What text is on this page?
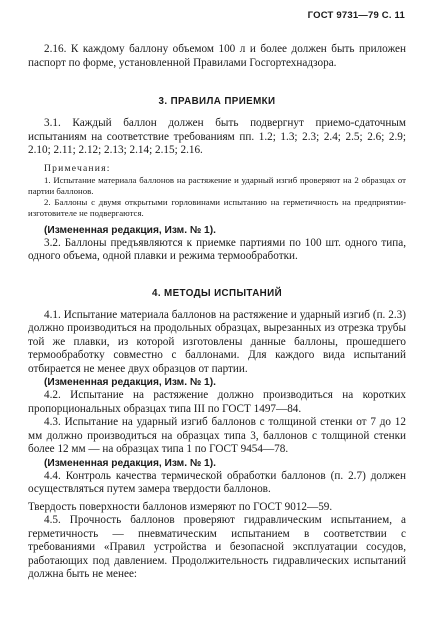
ГОСТ 9731—79 С. 11

2.16. К каждому баллону объемом 100 л и более должен быть приложен паспорт по форме, установленной Правилами Госгортехнадзора.

3. ПРАВИЛА ПРИЕМКИ

3.1. Каждый баллон должен быть подвергнут приемо-сдаточным испытаниям на соответствие требованиям пп. 1.2; 1.3; 2.3; 2.4; 2.5; 2.6; 2.9; 2.10; 2.11; 2.12; 2.13; 2.14; 2.15; 2.16.

Примечания:

1. Испытание материала баллонов на растяжение и ударный изгиб проверяют на 2 образцах от партии баллонов.

2. Баллоны с двумя открытыми горловинами испытанию на герметичность на предприятии-изготовителе не подвергаются.

(Измененная редакция, Изм. № 1).

3.2. Баллоны предъявляются к приемке партиями по 100 шт. одного типа, одного объема, одной плавки и режима термообработки.

4. МЕТОДЫ ИСПЫТАНИЙ

4.1. Испытание материала баллонов на растяжение и ударный изгиб (п. 2.3) должно производиться на продольных образцах, вырезанных из отрезка трубы той же плавки, из которой изготовлены данные баллоны, прошедшего термообработку совместно с баллонами. Для каждого вида испытаний отбирается не менее двух образцов от партии.

(Измененная редакция, Изм. № 1).

4.2. Испытание на растяжение должно производиться на коротких пропорциональных образцах типа III по ГОСТ 1497—84.

4.3. Испытание на ударный изгиб баллонов с толщиной стенки от 7 до 12 мм должно производиться на образцах типа 3, баллонов с толщиной стенки более 12 мм — на образцах типа 1 по ГОСТ 9454—78.

(Измененная редакция, Изм. № 1).

4.4. Контроль качества термической обработки баллонов (п. 2.7) должен осуществляться путем замера твердости баллонов.

Твердость поверхности баллонов измеряют по ГОСТ 9012—59.

4.5. Прочность баллонов проверяют гидравлическим испытанием, а герметичность — пневматическим испытанием в соответствии с требованиями «Правил устройства и безопасной эксплуатации сосудов, работающих под давлением. Продолжительность гидравлических испытаний должна быть не менее:
